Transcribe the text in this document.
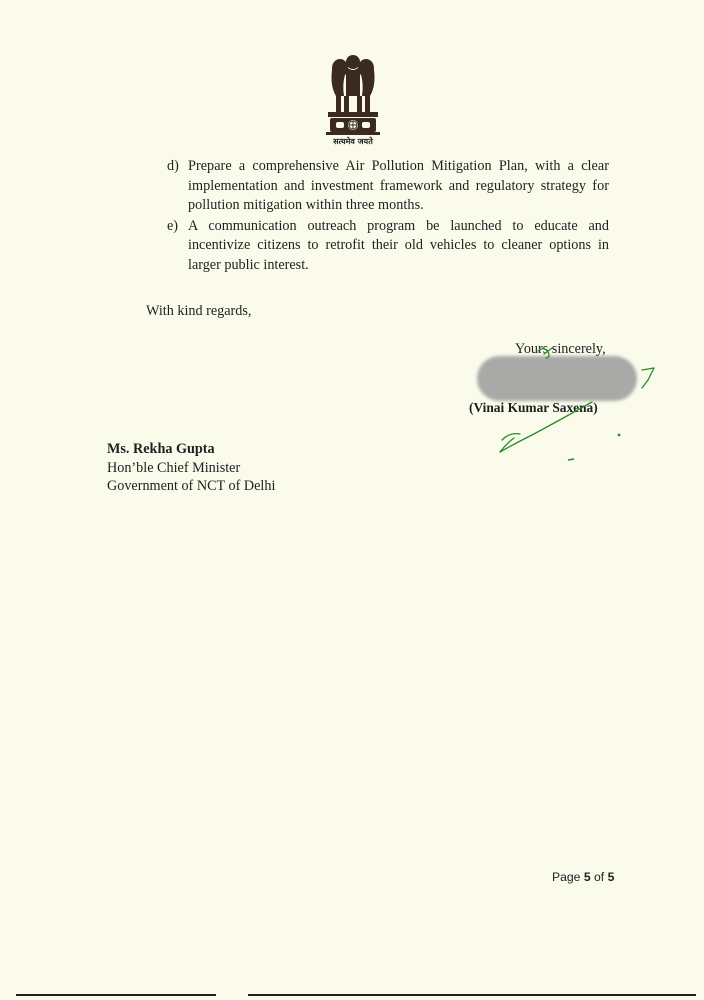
सत्यमेव जयते
d) Prepare a comprehensive Air Pollution Mitigation Plan, with a clear implementation and investment framework and regulatory strategy for pollution mitigation within three months.
e) A communication outreach program be launched to educate and incentivize citizens to retrofit their old vehicles to cleaner options in larger public interest.
With kind regards,
Yours sincerely,
(Vinai Kumar Saxena)
Ms. Rekha Gupta
Hon’ble Chief Minister
Government of NCT of Delhi
Page 5 of 5
